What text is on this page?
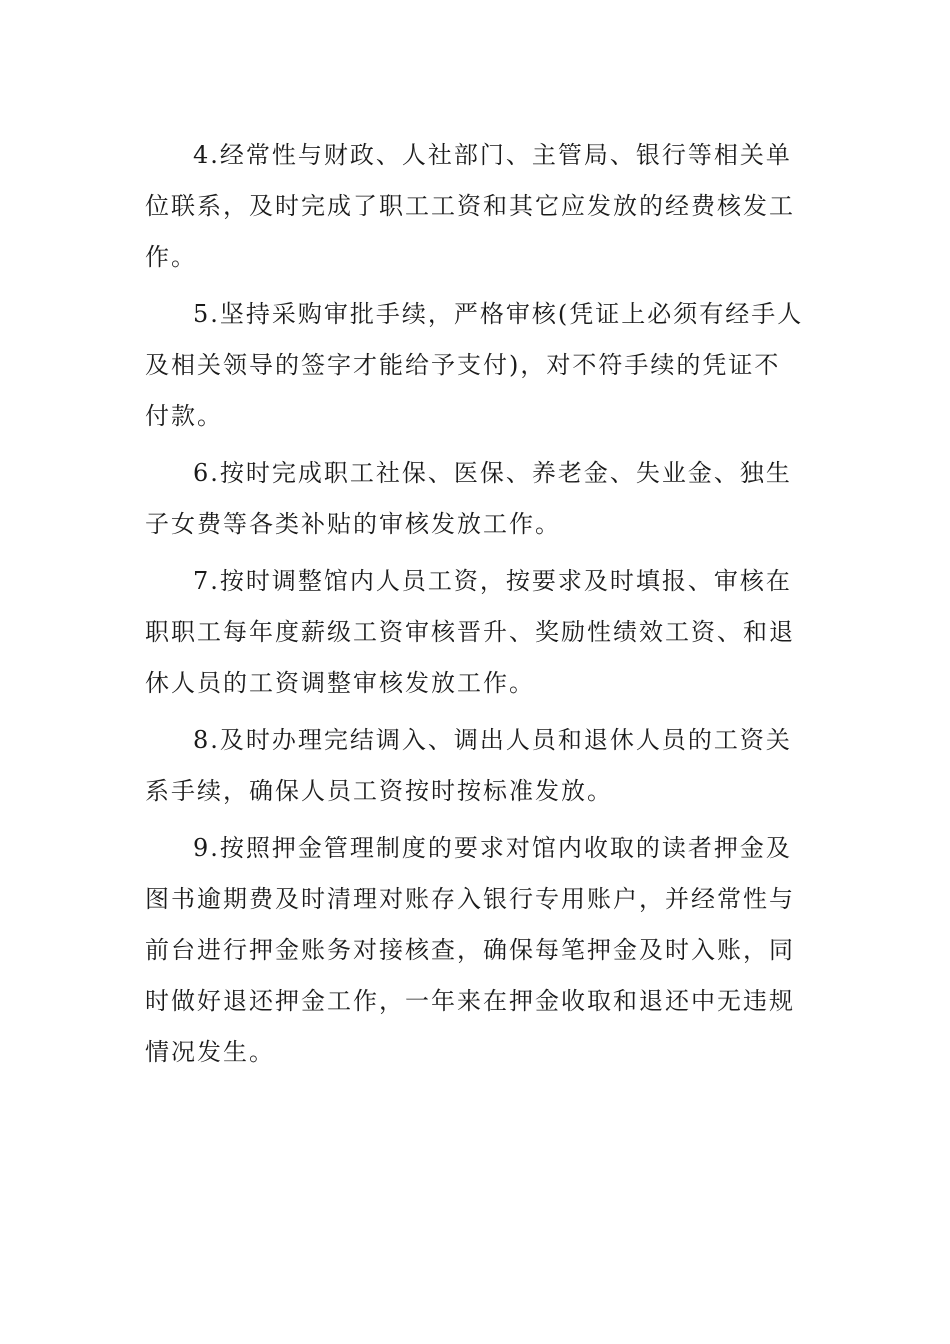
4.经常性与财政、人社部门、主管局、银行等相关单位联系，及时完成了职工工资和其它应发放的经费核发工作。

5.坚持采购审批手续，严格审核(凭证上必须有经手人及相关领导的签字才能给予支付)，对不符手续的凭证不付款。

6.按时完成职工社保、医保、养老金、失业金、独生子女费等各类补贴的审核发放工作。

7.按时调整馆内人员工资，按要求及时填报、审核在职职工每年度薪级工资审核晋升、奖励性绩效工资、和退休人员的工资调整审核发放工作。

8.及时办理完结调入、调出人员和退休人员的工资关系手续，确保人员工资按时按标准发放。

9.按照押金管理制度的要求对馆内收取的读者押金及图书逾期费及时清理对账存入银行专用账户，并经常性与前台进行押金账务对接核查，确保每笔押金及时入账，同时做好退还押金工作，一年来在押金收取和退还中无违规情况发生。
